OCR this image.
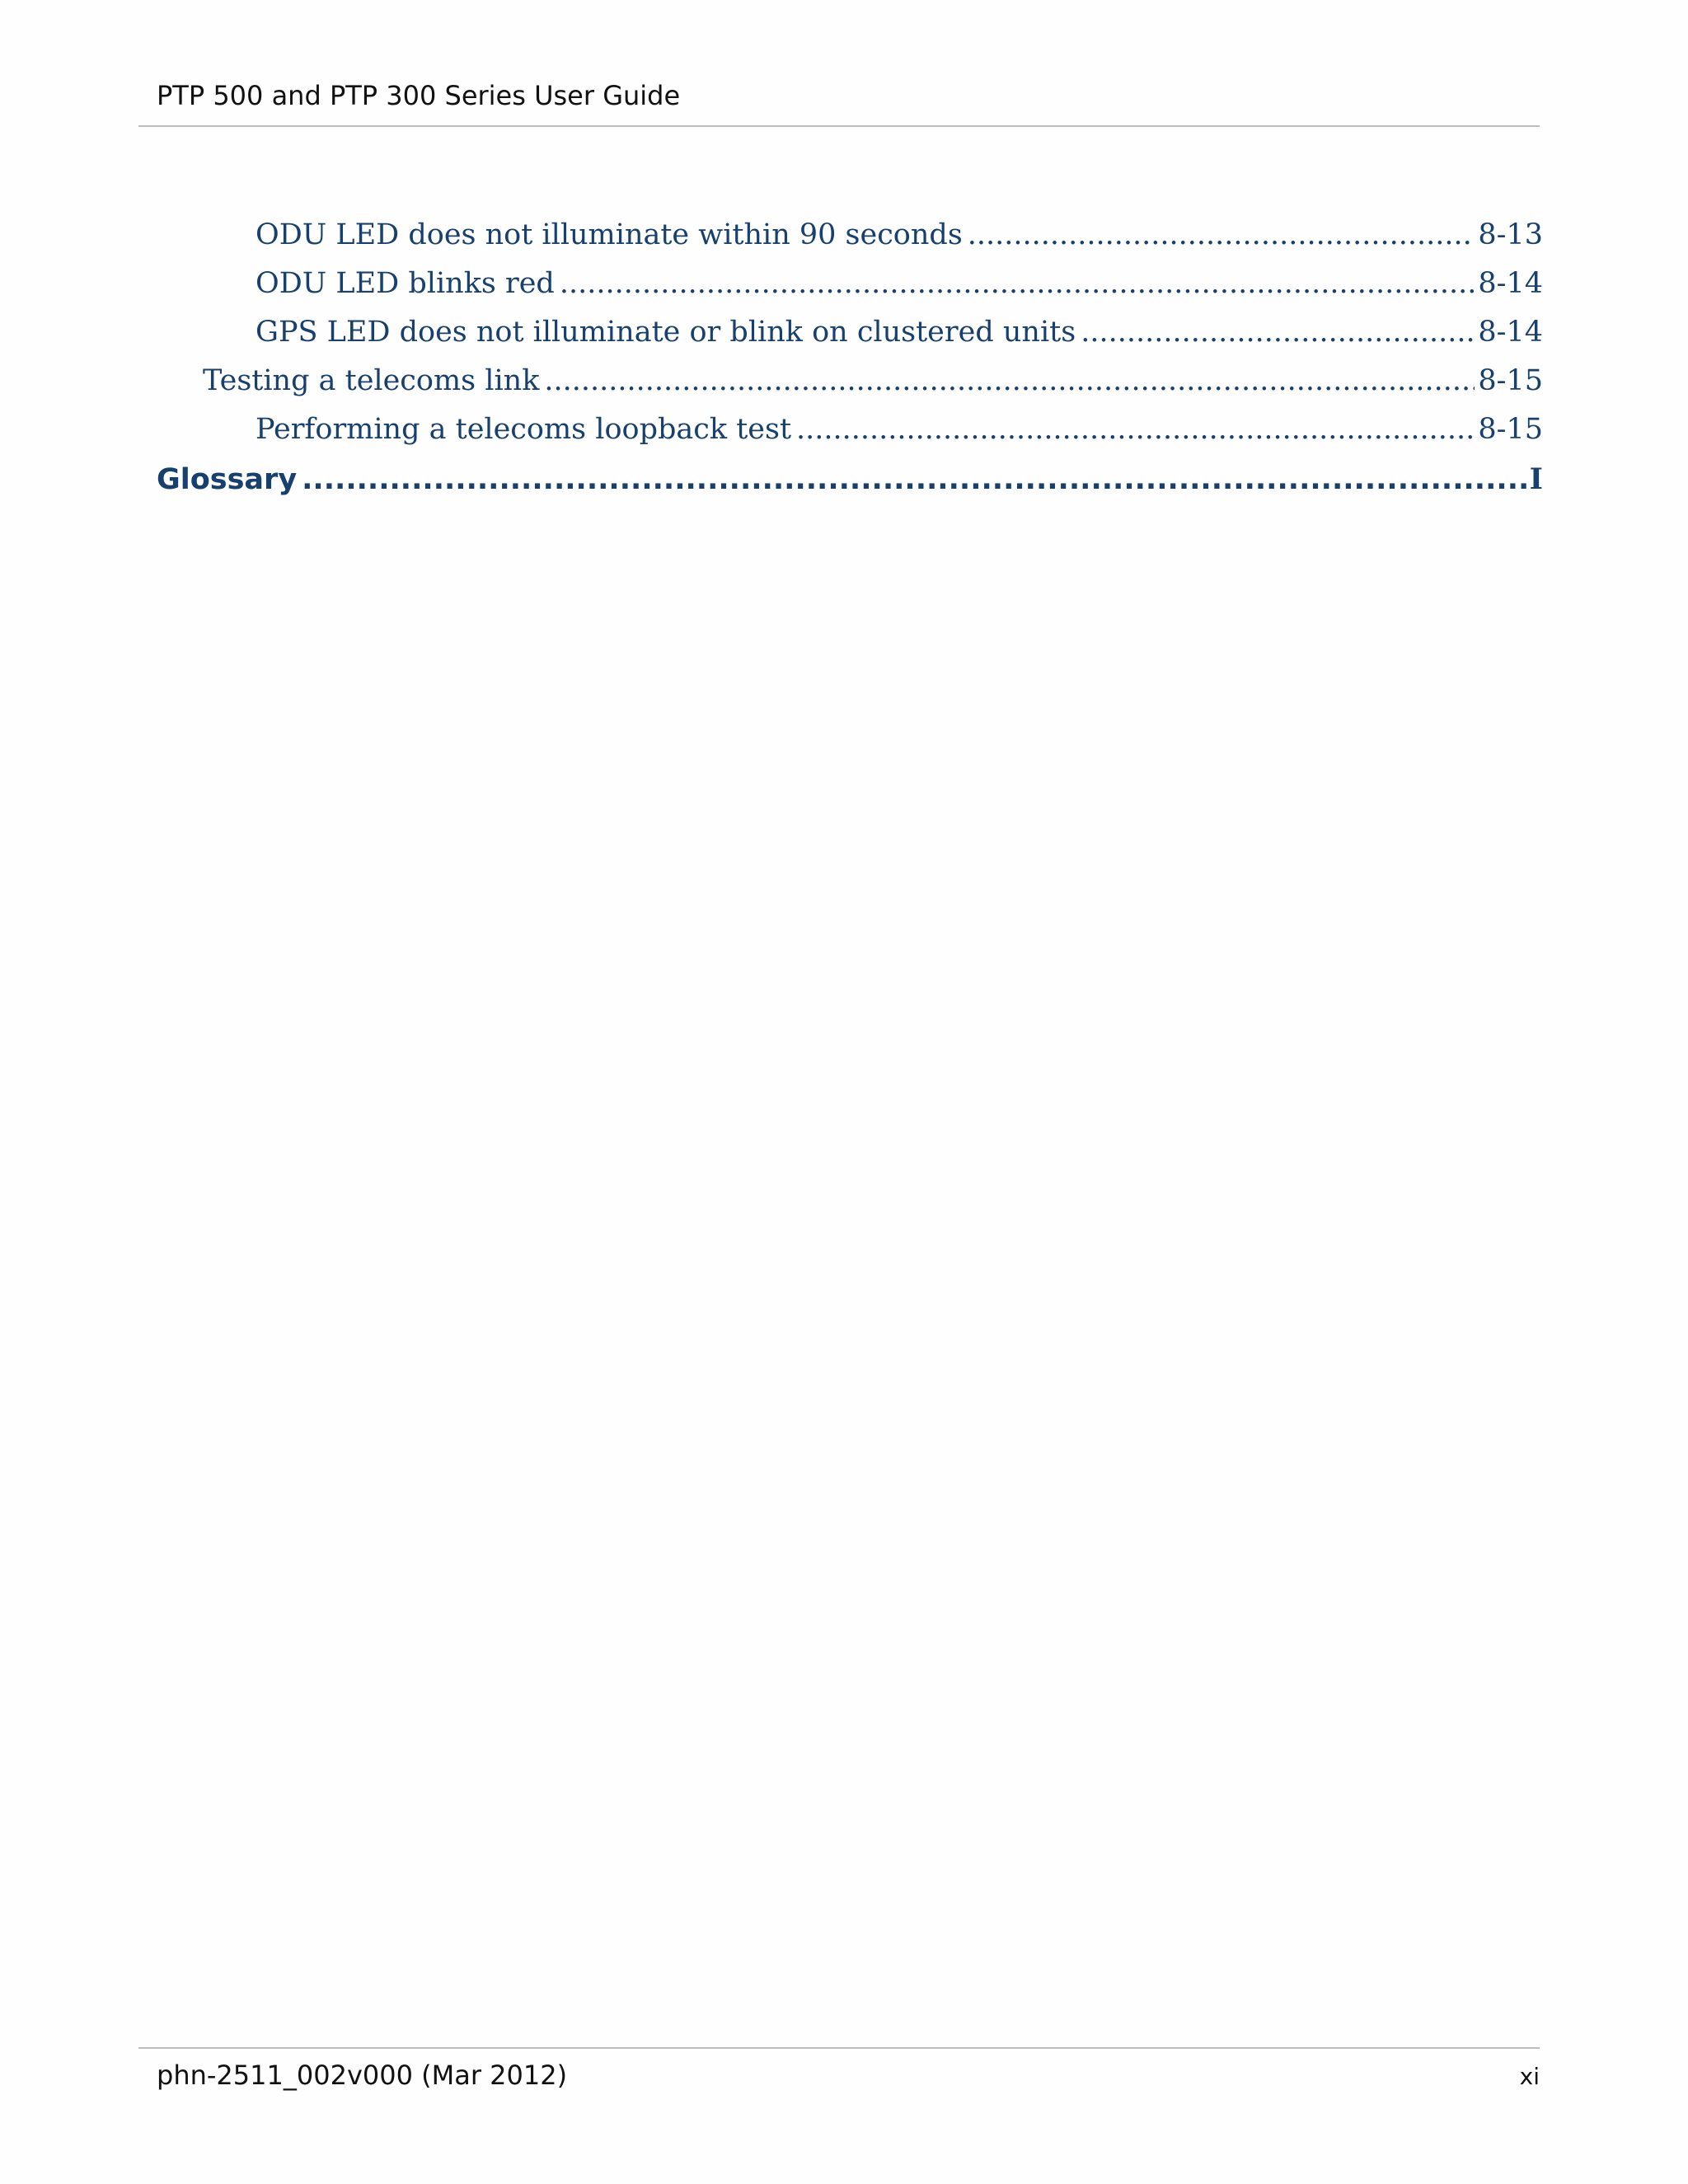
PTP 500 and PTP 300 Series User Guide
ODU LED does not illuminate within 90 seconds .....	8-13
ODU LED blinks red .....	8-14
GPS LED does not illuminate or blink on clustered units .....	8-14
Testing a telecoms link .....	8-15
Performing a telecoms loopback test .....	8-15
Glossary .....	I
phn-2511_002v000 (Mar 2012)	xi
